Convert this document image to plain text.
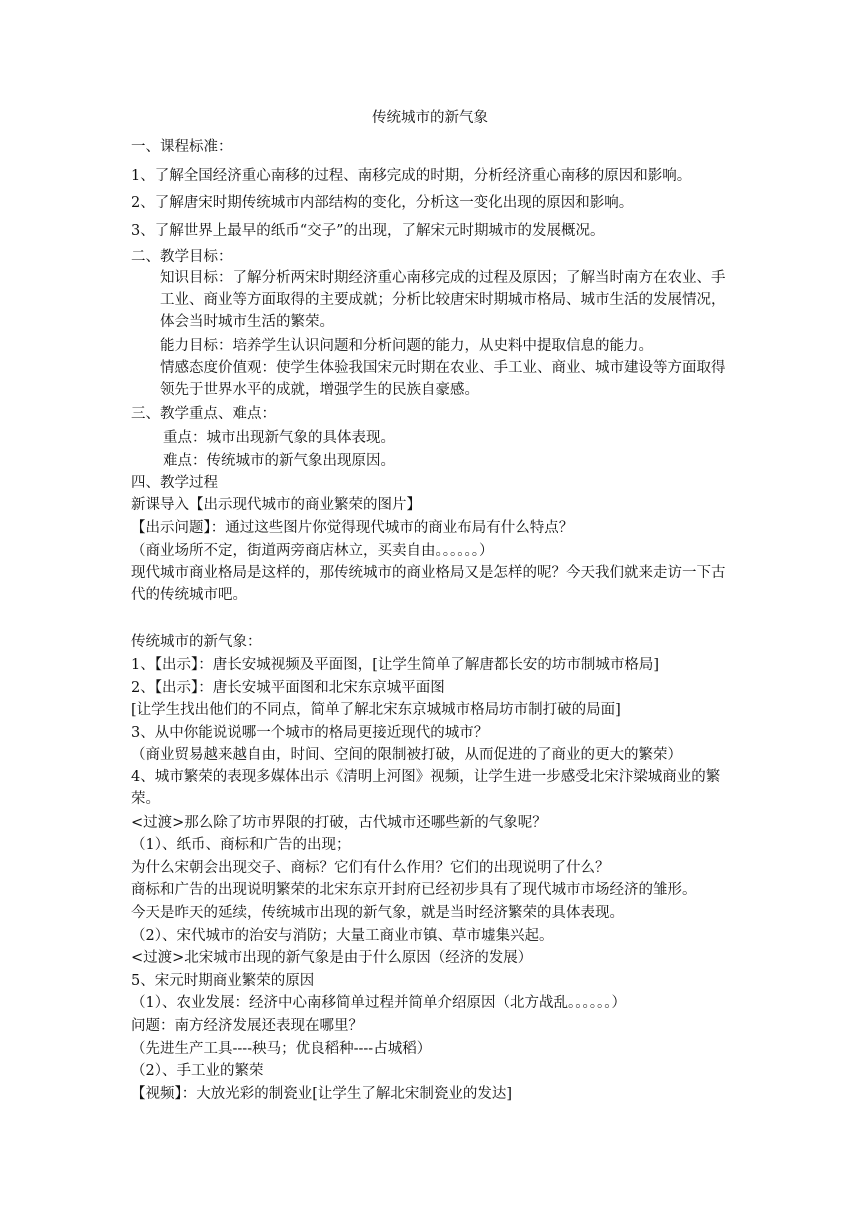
传统城市的新气象
一、课程标准：
1、了解全国经济重心南移的过程、南移完成的时期，分析经济重心南移的原因和影响。
2、了解唐宋时期传统城市内部结构的变化，分析这一变化出现的原因和影响。
3、了解世界上最早的纸币“交子”的出现，了解宋元时期城市的发展概况。
二、教学目标：
知识目标：了解分析两宋时期经济重心南移完成的过程及原因；了解当时南方在农业、手工业、商业等方面取得的主要成就；分析比较唐宋时期城市格局、城市生活的发展情况，体会当时城市生活的繁荣。
能力目标：培养学生认识问题和分析问题的能力，从史料中提取信息的能力。
情感态度价值观：使学生体验我国宋元时期在农业、手工业、商业、城市建设等方面取得领先于世界水平的成就，增强学生的民族自豪感。
三、教学重点、难点：
重点：城市出现新气象的具体表现。
难点：传统城市的新气象出现原因。
四、教学过程
新课导入【出示现代城市的商业繁荣的图片】
【出示问题】：通过这些图片你觉得现代城市的商业布局有什么特点？
（商业场所不定，街道两旁商店林立，买卖自由。。。。。。）
现代城市商业格局是这样的，那传统城市的商业格局又是怎样的呢？今天我们就来走访一下古代的传统城市吧。
传统城市的新气象：
1、【出示】：唐长安城视频及平面图，[让学生简单了解唐都长安的坊市制城市格局]
2、【出示】：唐长安城平面图和北宋东京城平面图
[让学生找出他们的不同点，简单了解北宋东京城城市格局坊市制打破的局面]
3、从中你能说说哪一个城市的格局更接近现代的城市？
（商业贸易越来越自由，时间、空间的限制被打破，从而促进的了商业的更大的繁荣）
4、城市繁荣的表现多媒体出示《清明上河图》视频，让学生进一步感受北宋汴梁城商业的繁荣。
<过渡>那么除了坊市界限的打破，古代城市还哪些新的气象呢？
（1）、纸币、商标和广告的出现；
为什么宋朝会出现交子、商标？它们有什么作用？它们的出现说明了什么？
商标和广告的出现说明繁荣的北宋东京开封府已经初步具有了现代城市市场经济的雏形。
今天是昨天的延续，传统城市出现的新气象，就是当时经济繁荣的具体表现。
（2）、宋代城市的治安与消防；大量工商业市镇、草市墟集兴起。
<过渡>北宋城市出现的新气象是由于什么原因（经济的发展）
5、宋元时期商业繁荣的原因
（1）、农业发展：经济中心南移简单过程并简单介绍原因（北方战乱。。。。。。）
问题：南方经济发展还表现在哪里？
（先进生产工具----秧马；优良稻种----占城稻）
（2）、手工业的繁荣
【视频】：大放光彩的制瓷业[让学生了解北宋制瓷业的发达]
